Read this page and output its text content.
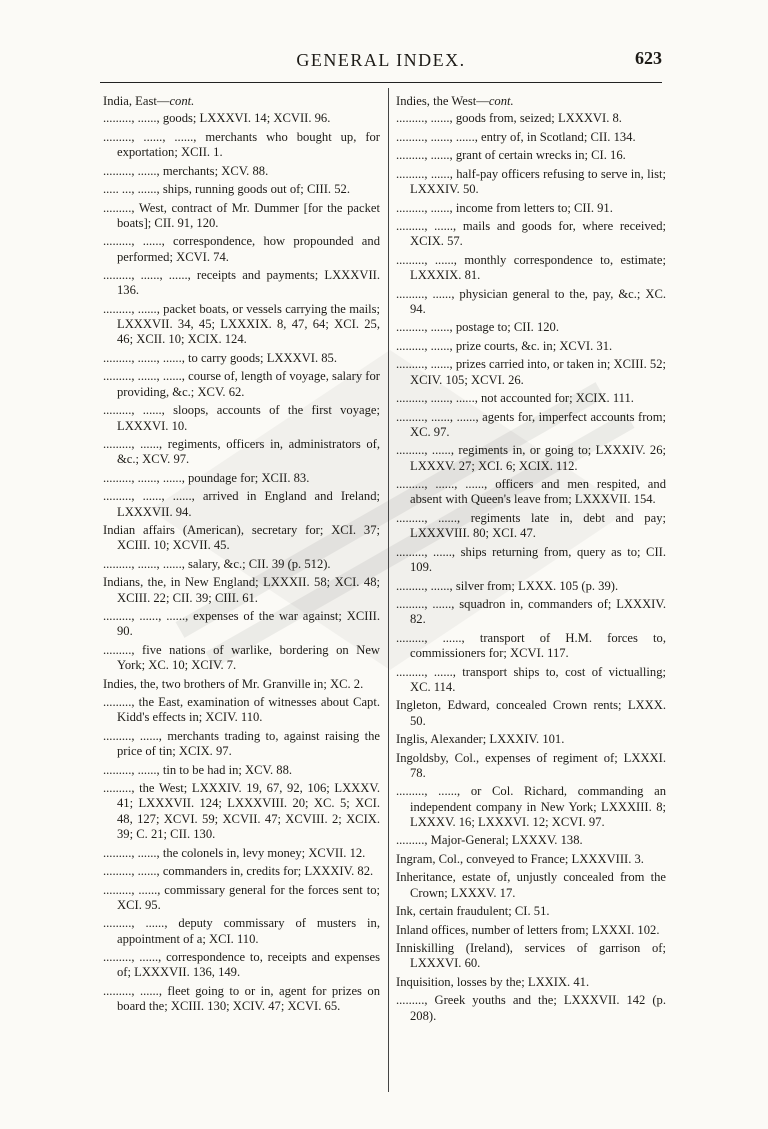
GENERAL INDEX.	623
India, East—cont.
........., ......, goods; LXXXVI. 14; XCVII. 96.
........., ......, ......, merchants who bought up, for exportation; XCII. 1.
........., ......, merchants; XCV. 88.
..... ..., ......, ships, running goods out of; CIII. 52.
........., West, contract of Mr. Dummer [for the packet boats]; CII. 91, 120.
........., ......, correspondence, how propounded and performed; XCVI. 74.
........., ......, ......, receipts and payments; LXXXVII. 136.
........., ......, packet boats, or vessels carrying the mails; LXXXVII. 34, 45; LXXXIX. 8, 47, 64; XCI. 25, 46; XCII. 10; XCIX. 124.
........., ......, ......, to carry goods; LXXXVI. 85.
........., ......, ......, course of, length of voyage, salary for providing, &c.; XCV. 62.
........., ......, sloops, accounts of the first voyage; LXXXVI. 10.
........., ......, regiments, officers in, administrators of, &c.; XCV. 97.
........., ......, ......, poundage for; XCII. 83.
........., ......, ......, arrived in England and Ireland; LXXXVII. 94.
Indian affairs (American), secretary for; XCI. 37; XCIII. 10; XCVII. 45.
........., ......, ......, salary, &c.; CII. 39 (p. 512).
Indians, the, in New England; LXXXII. 58; XCI. 48; XCIII. 22; CII. 39; CIII. 61.
........., ......, ......, expenses of the war against; XCIII. 90.
........., five nations of warlike, bordering on New York; XC. 10; XCIV. 7.
Indies, the, two brothers of Mr. Granville in; XC. 2.
........., the East, examination of witnesses about Capt. Kidd's effects in; XCIV. 110.
........., ......, merchants trading to, against raising the price of tin; XCIX. 97.
........., ......, tin to be had in; XCV. 88.
........., the West; LXXXIV. 19, 67, 92, 106; LXXXV. 41; LXXXVII. 124; LXXXVIII. 20; XC. 5; XCI. 48, 127; XCVI. 59; XCVII. 47; XCVIII. 2; XCIX. 39; C. 21; CII. 130.
........., ......, the colonels in, levy money; XCVII. 12.
........., ......, commanders in, credits for; LXXXIV. 82.
........., ......, commissary general for the forces sent to; XCI. 95.
........., ......, deputy commissary of musters in, appointment of a; XCI. 110.
........., ......, correspondence to, receipts and expenses of; LXXXVII. 136, 149.
........., ......, fleet going to or in, agent for prizes on board the; XCIII. 130; XCIV. 47; XCVI. 65.
Indies, the West—cont.
........., ......, goods from, seized; LXXXVI. 8.
........., ......, ......, entry of, in Scotland; CII. 134.
........., ......, grant of certain wrecks in; CI. 16.
........., ......, half-pay officers refusing to serve in, list; LXXXIV. 50.
........., ......, income from letters to; CII. 91.
........., ......, mails and goods for, where received; XCIX. 57.
........., ......, monthly correspondence to, estimate; LXXXIX. 81.
........., ......, physician general to the, pay, &c.; XC. 94.
........., ......, postage to; CII. 120.
........., ......, prize courts, &c. in; XCVI. 31.
........., ......, prizes carried into, or taken in; XCIII. 52; XCIV. 105; XCVI. 26.
........., ......, ......, not accounted for; XCIX. 111.
........., ......, ......, agents for, imperfect accounts from; XC. 97.
........., ......, regiments in, or going to; LXXXIV. 26; LXXXV. 27; XCI. 6; XCIX. 112.
........., ......, ......, officers and men respited, and absent with Queen's leave from; LXXXVII. 154.
........., ......, regiments late in, debt and pay; LXXXVIII. 80; XCI. 47.
........., ......, ships returning from, query as to; CII. 109.
........., ......, silver from; LXXX. 105 (p. 39).
........., ......, squadron in, commanders of; LXXXIV. 82.
........., ......, transport of H.M. forces to, commissioners for; XCVI. 117.
........., ......, transport ships to, cost of victualling; XC. 114.
Ingleton, Edward, concealed Crown rents; LXXX. 50.
Inglis, Alexander; LXXXIV. 101.
Ingoldsby, Col., expenses of regiment of; LXXXI. 78.
........., ......, or Col. Richard, commanding an independent company in New York; LXXXIII. 8; LXXXV. 16; LXXXVI. 12; XCVI. 97.
........., Major-General; LXXXV. 138.
Ingram, Col., conveyed to France; LXXXVIII. 3.
Inheritance, estate of, unjustly concealed from the Crown; LXXXV. 17.
Ink, certain fraudulent; CI. 51.
Inland offices, number of letters from; LXXXI. 102.
Inniskilling (Ireland), services of garrison of; LXXXVI. 60.
Inquisition, losses by the; LXXIX. 41.
........., Greek youths and the; LXXXVII. 142 (p. 208).
